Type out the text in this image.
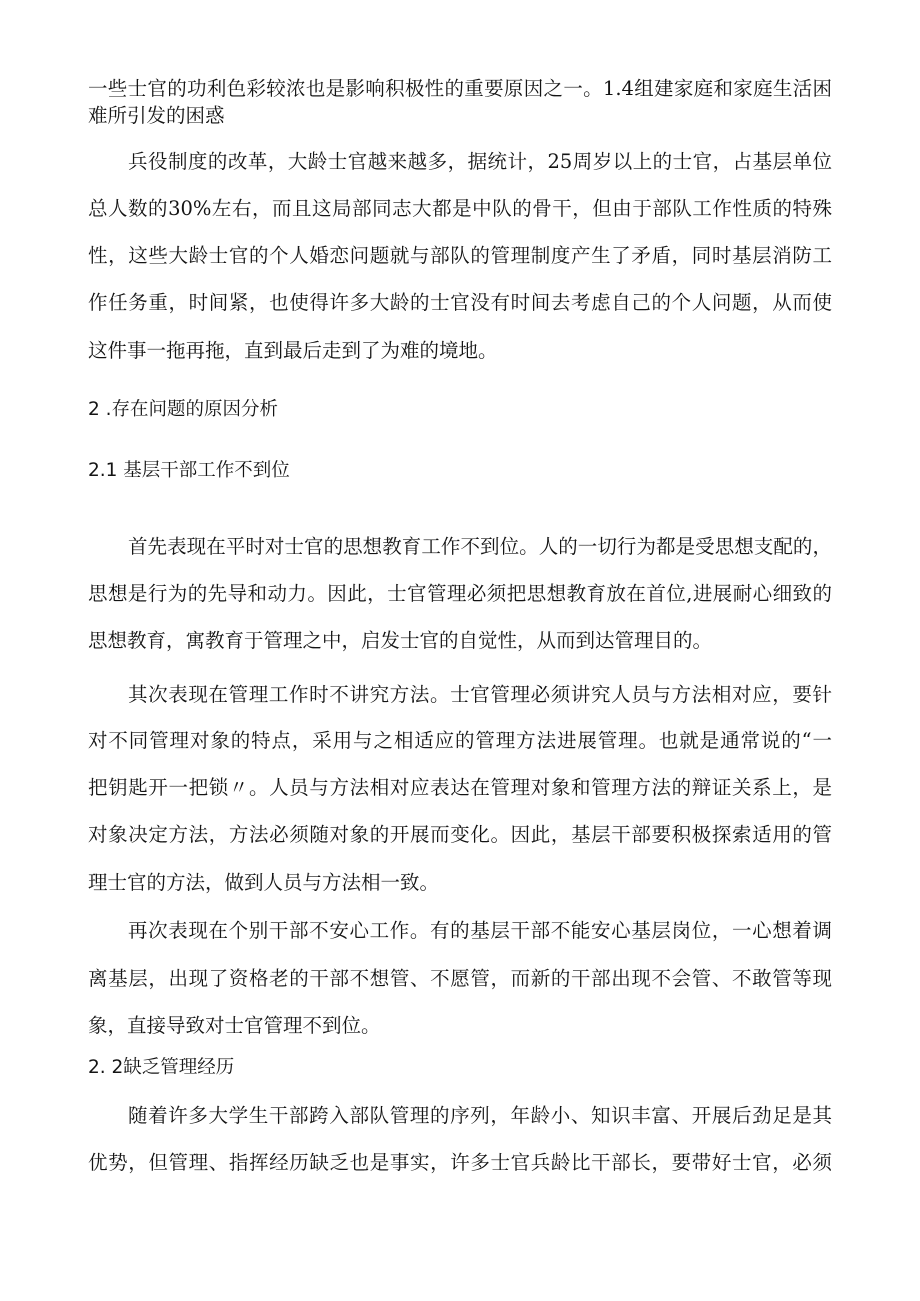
一些士官的功利色彩较浓也是影响积极性的重要原因之一。1.4组建家庭和家庭生活困
难所引发的困惑
兵役制度的改革，大龄士官越来越多，据统计，25周岁以上的士官，占基层单位
总人数的30%左右，而且这局部同志大都是中队的骨干，但由于部队工作性质的特殊
性，这些大龄士官的个人婚恋问题就与部队的管理制度产生了矛盾，同时基层消防工
作任务重，时间紧，也使得许多大龄的士官没有时间去考虑自己的个人问题，从而使
这件事一拖再拖，直到最后走到了为难的境地。
2 .存在问题的原因分析
2.1 基层干部工作不到位
首先表现在平时对士官的思想教育工作不到位。人的一切行为都是受思想支配的，
思想是行为的先导和动力。因此，士官管理必须把思想教育放在首位,进展耐心细致的
思想教育，寓教育于管理之中，启发士官的自觉性，从而到达管理目的。
其次表现在管理工作时不讲究方法。士官管理必须讲究人员与方法相对应，要针
对不同管理对象的特点，采用与之相适应的管理方法进展管理。也就是通常说的“一
把钥匙开一把锁〃。人员与方法相对应表达在管理对象和管理方法的辩证关系上，是
对象决定方法，方法必须随对象的开展而变化。因此，基层干部要积极探索适用的管
理士官的方法，做到人员与方法相一致。
再次表现在个别干部不安心工作。有的基层干部不能安心基层岗位，一心想着调
离基层，出现了资格老的干部不想管、不愿管，而新的干部出现不会管、不敢管等现
象，直接导致对士官管理不到位。
2. 2缺乏管理经历
随着许多大学生干部跨入部队管理的序列，年龄小、知识丰富、开展后劲足是其
优势，但管理、指挥经历缺乏也是事实，许多士官兵龄比干部长，要带好士官，必须
